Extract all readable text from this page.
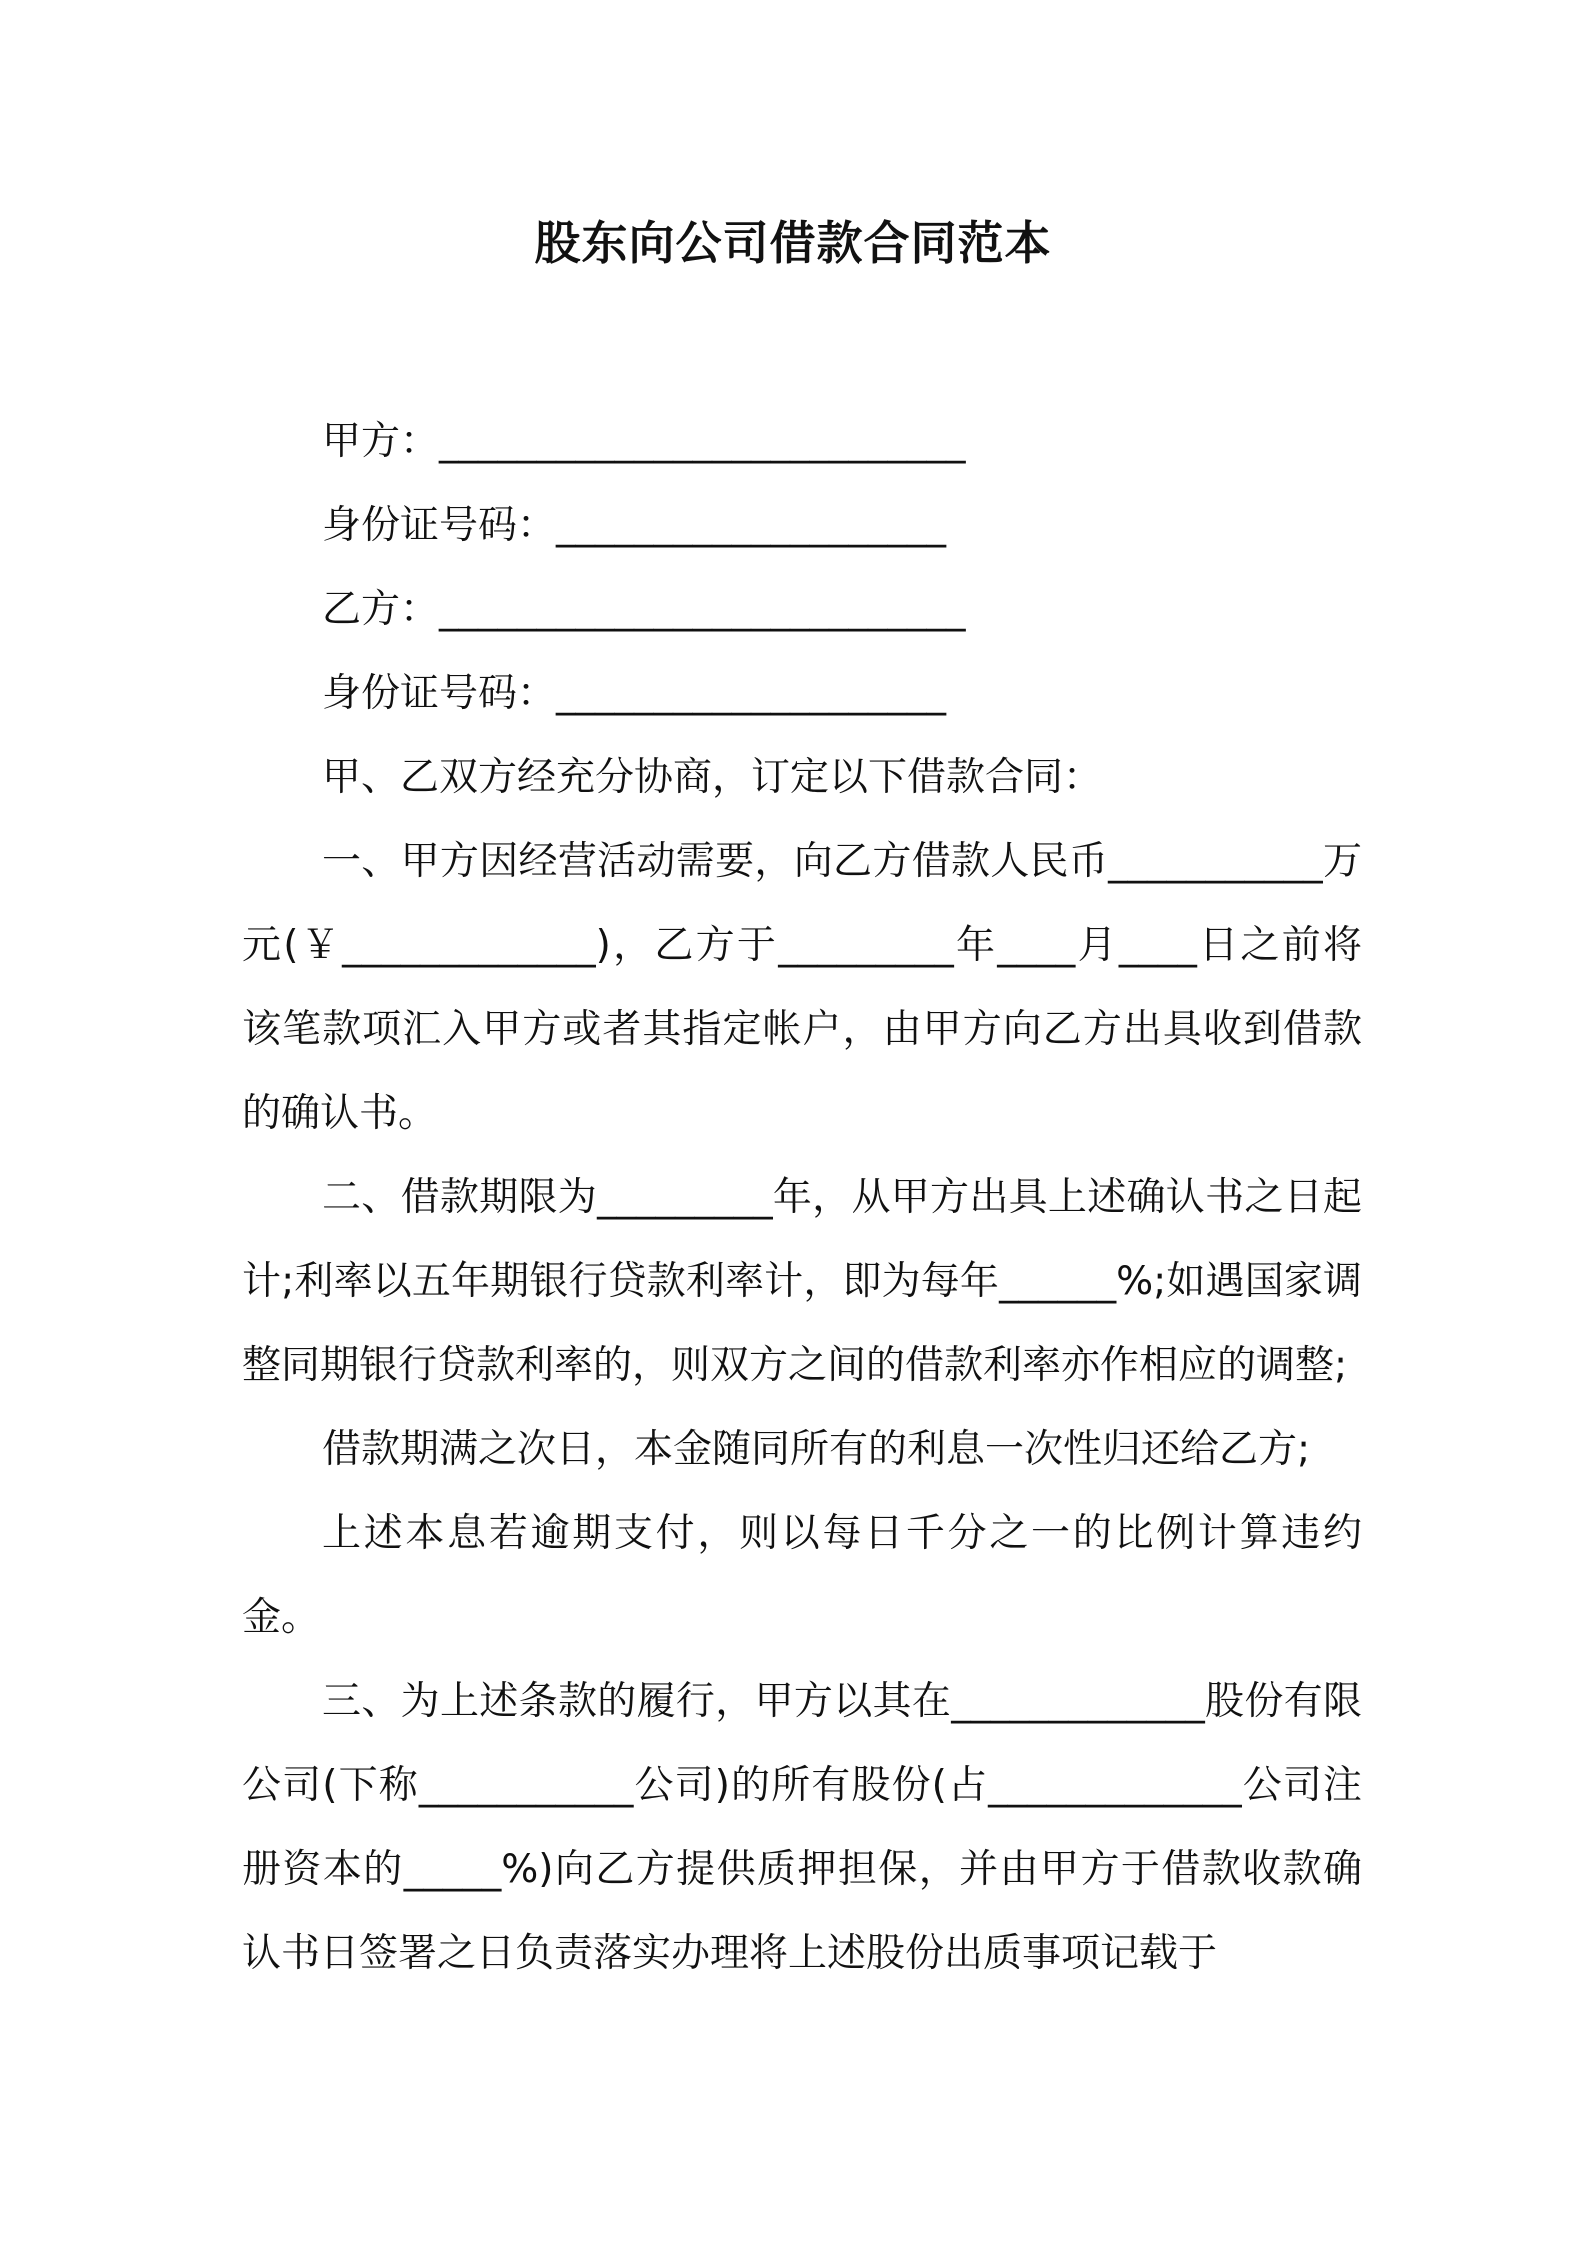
股东向公司借款合同范本

甲方：___________________________

身份证号码：____________________

乙方：___________________________

身份证号码：____________________

甲、乙双方经充分协商，订定以下借款合同：

一、甲方因经营活动需要，向乙方借款人民币___________万元(￥_____________)，乙方于_________年____月____日之前将该笔款项汇入甲方或者其指定帐户，由甲方向乙方出具收到借款的确认书。

二、借款期限为_________年，从甲方出具上述确认书之日起计;利率以五年期银行贷款利率计，即为每年______%;如遇国家调整同期银行贷款利率的，则双方之间的借款利率亦作相应的调整;

借款期满之次日，本金随同所有的利息一次性归还给乙方;

上述本息若逾期支付，则以每日千分之一的比例计算违约金。

三、为上述条款的履行，甲方以其在_____________股份有限公司(下称___________公司)的所有股份(占_____________公司注册资本的_____%)向乙方提供质押担保，并由甲方于借款收款确认书日签署之日负责落实办理将上述股份出质事项记载于
